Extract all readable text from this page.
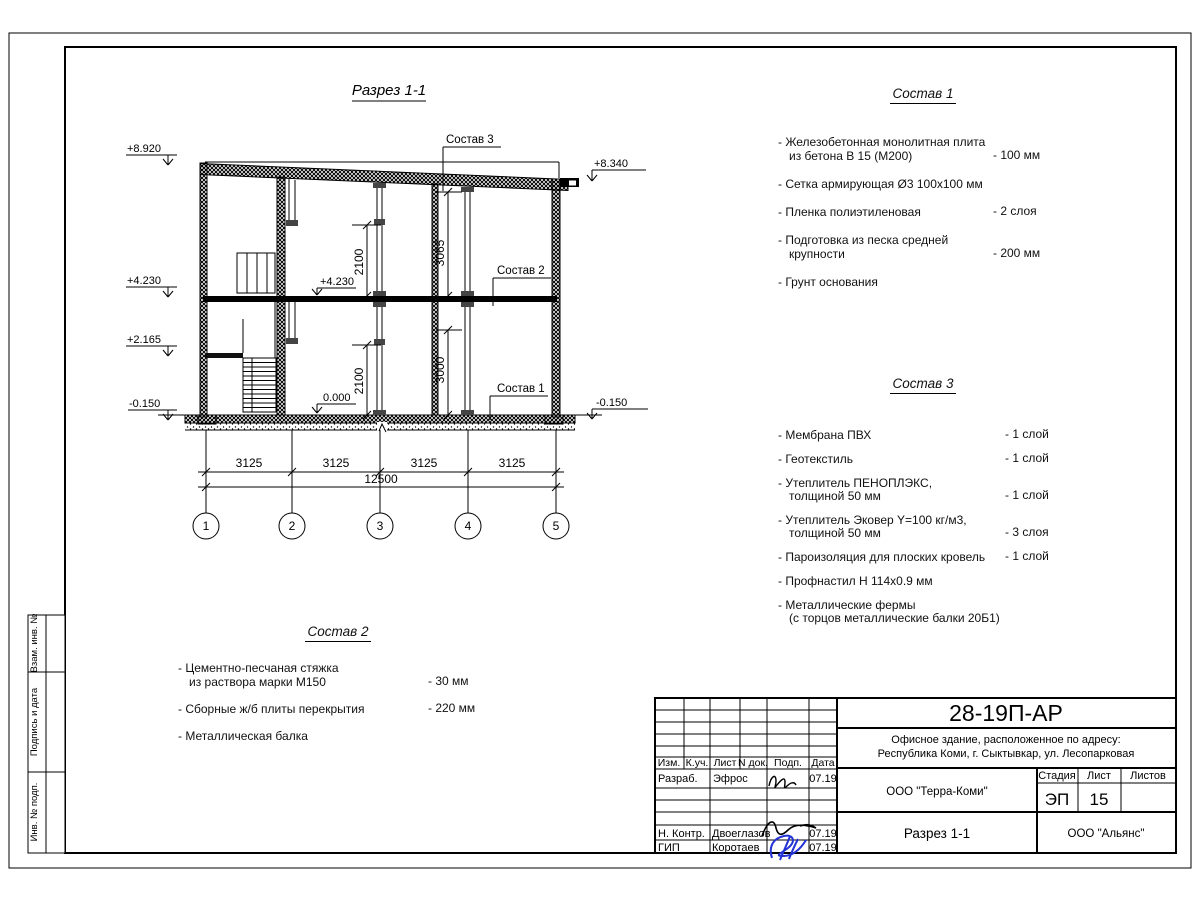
Взам. инв. №
Подпись и дата
Инв. № подп.
Разрез 1-1
2100	3065
2100	3000
+8.920
+4.230
+2.165
-0.150
+8.340
-0.150
+4.230
0.000
Состав 3
Состав 2
Состав 1
3125	3125	3125	3125
12500
1	2	3	4	5
28-19П-АР
Офисное здание, расположенное по адресу:
Республика Коми, г. Сыктывкар, ул. Лесопарковая
ООО "Терра-Коми"
Стадия Лист Листов
ЭП 15
Разрез 1-1	ООО "Альянс"
Изм. К.уч. Лист N док. Подп. Дата
Разраб. Эфрос	07.19
Н. Контр. Двоеглазов	07.19
ГИП	Коротаев	07.19
Состав 1
- Железобетонная монолитная плита
из бетона В 15 (М200)	- 100 мм
- Сетка армирующая Ø3 100х100 мм
- Пленка полиэтиленовая	- 2 слоя
- Подготовка из песка средней
крупности	- 200 мм
- Грунт основания
Состав 3
- Мембрана ПВХ	- 1 слой
- Геотекстиль	- 1 слой
- Утеплитель ПЕНОПЛЭКС,
толщиной 50 мм	- 1 слой
- Утеплитель Эковер Y=100 кг/м3,
толщиной 50 мм	- 3 слоя
- Пароизоляция для плоских кровель	- 1 слой
- Профнастил Н 114х0.9 мм
- Металлические фермы
(с торцов металлические балки 20Б1)
Состав 2
- Цементно-песчаная стяжка
из раствора марки М150	- 30 мм
- Сборные ж/б плиты перекрытия	- 220 мм
- Металлическая балка
